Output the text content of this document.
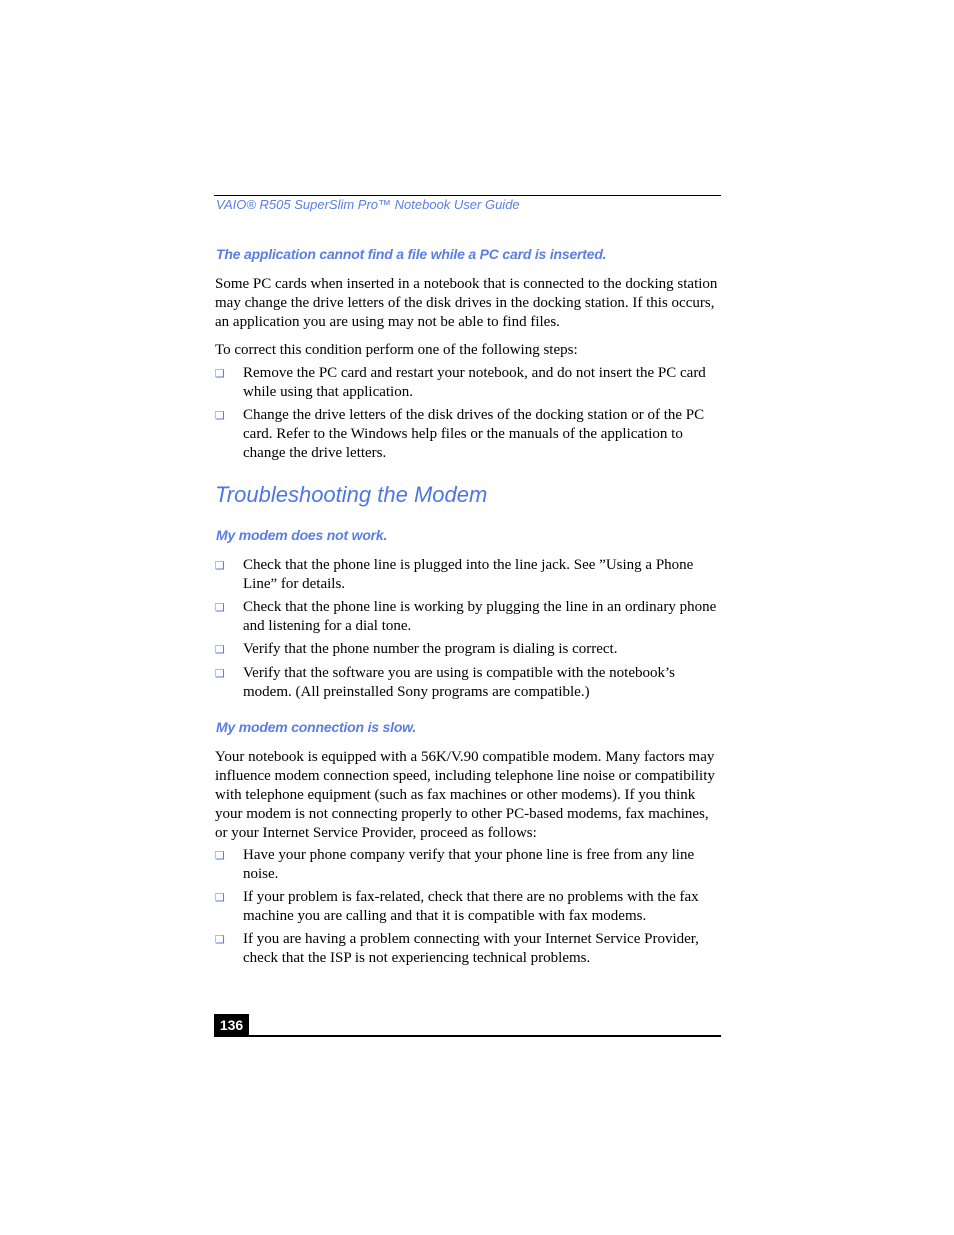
VAIO® R505 SuperSlim Pro™ Notebook User Guide
The application cannot find a file while a PC card is inserted.

Some PC cards when inserted in a notebook that is connected to the docking station may change the drive letters of the disk drives in the docking station. If this occurs, an application you are using may not be able to find files.

To correct this condition perform one of the following steps:

❑ Remove the PC card and restart your notebook, and do not insert the PC card while using that application.
❑ Change the drive letters of the disk drives of the docking station or of the PC card. Refer to the Windows help files or the manuals of the application to change the drive letters.
Troubleshooting the Modem
My modem does not work.
❑ Check that the phone line is plugged into the line jack. See ”Using a Phone Line” for details.
❑ Check that the phone line is working by plugging the line in an ordinary phone and listening for a dial tone.
❑ Verify that the phone number the program is dialing is correct.
❑ Verify that the software you are using is compatible with the notebook’s modem. (All preinstalled Sony programs are compatible.)
My modem connection is slow.

Your notebook is equipped with a 56K/V.90 compatible modem. Many factors may influence modem connection speed, including telephone line noise or compatibility with telephone equipment (such as fax machines or other modems). If you think your modem is not connecting properly to other PC-based modems, fax machines, or your Internet Service Provider, proceed as follows:

❑ Have your phone company verify that your phone line is free from any line noise.
❑ If your problem is fax-related, check that there are no problems with the fax machine you are calling and that it is compatible with fax modems.
❑ If you are having a problem connecting with your Internet Service Provider, check that the ISP is not experiencing technical problems.
136
